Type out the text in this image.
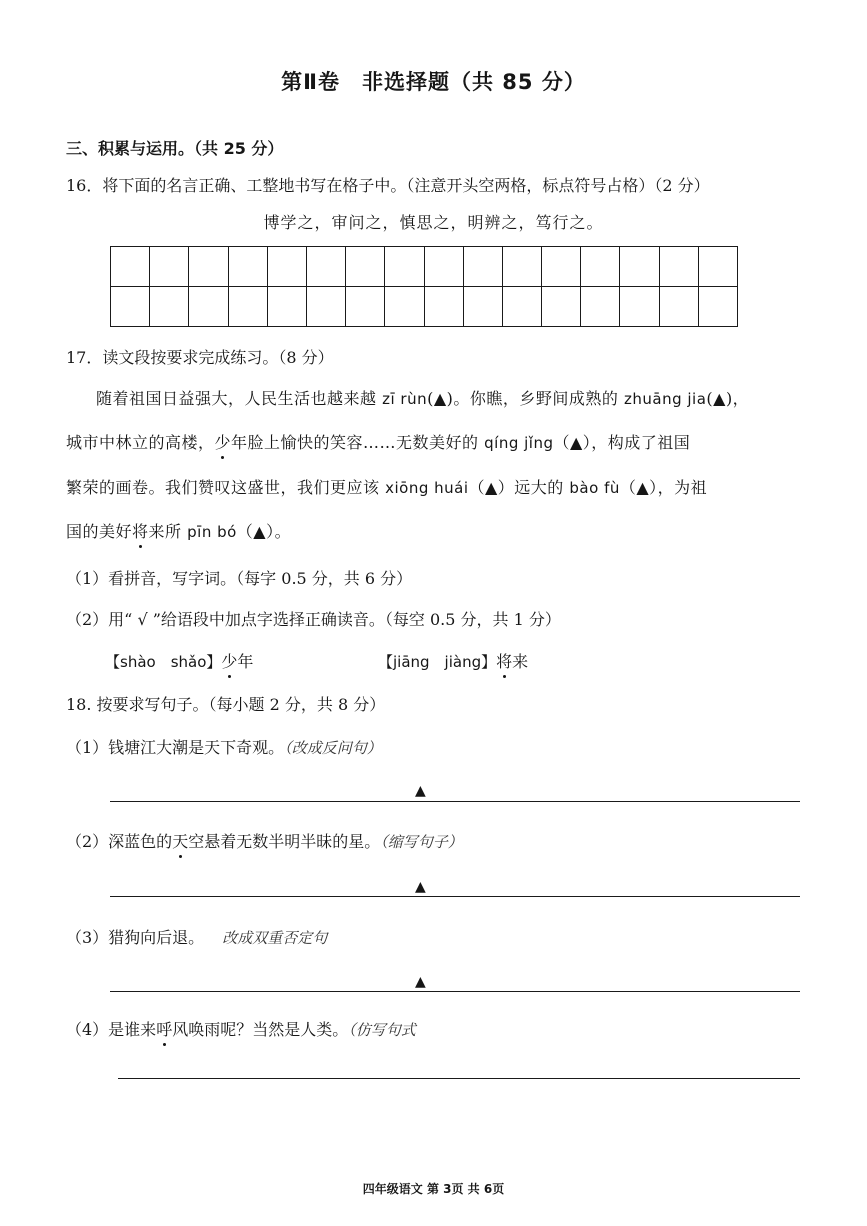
第Ⅱ卷　非选择题（共 85 分）
三、积累与运用。（共 25 分）
16．将下面的名言正确、工整地书写在格子中。（注意开头空两格，标点符号占格）（2 分）
博学之，审问之，慎思之，明辨之，笃行之。

17．读文段按要求完成练习。（8 分）
随着祖国日益强大，人民生活也越来越 zī rùn(▲)。你瞧，乡野间成熟的 zhuāng jia(▲)，
城市中林立的高楼，少年脸上愉快的笑容……无数美好的 qíng jǐng（▲），构成了祖国
繁荣的画卷。我们赞叹这盛世，我们更应该 xiōng huái（▲）远大的 bào fù（▲），为祖
国的美好将来所 pīn bó（▲）。
（1）看拼音，写字词。（每字 0.5 分，共 6 分）
（2）用“ √ ”给语段中加点字选择正确读音。（每空 0.5 分，共 1 分）
【shào　shǎo】少年	【jiāng　jiàng】将来
18. 按要求写句子。（每小题 2 分，共 8 分）
（1）钱塘江大潮是天下奇观。（改成反问句）
▲
（2）深蓝色的天空悬着无数半明半昧的星。（缩写句子）
▲
（3）猎狗向后退。 改成双重否定句
▲
（4）是谁来呼风唤雨呢？当然是人类。（仿写句式
四年级语文 第 3页 共 6页
